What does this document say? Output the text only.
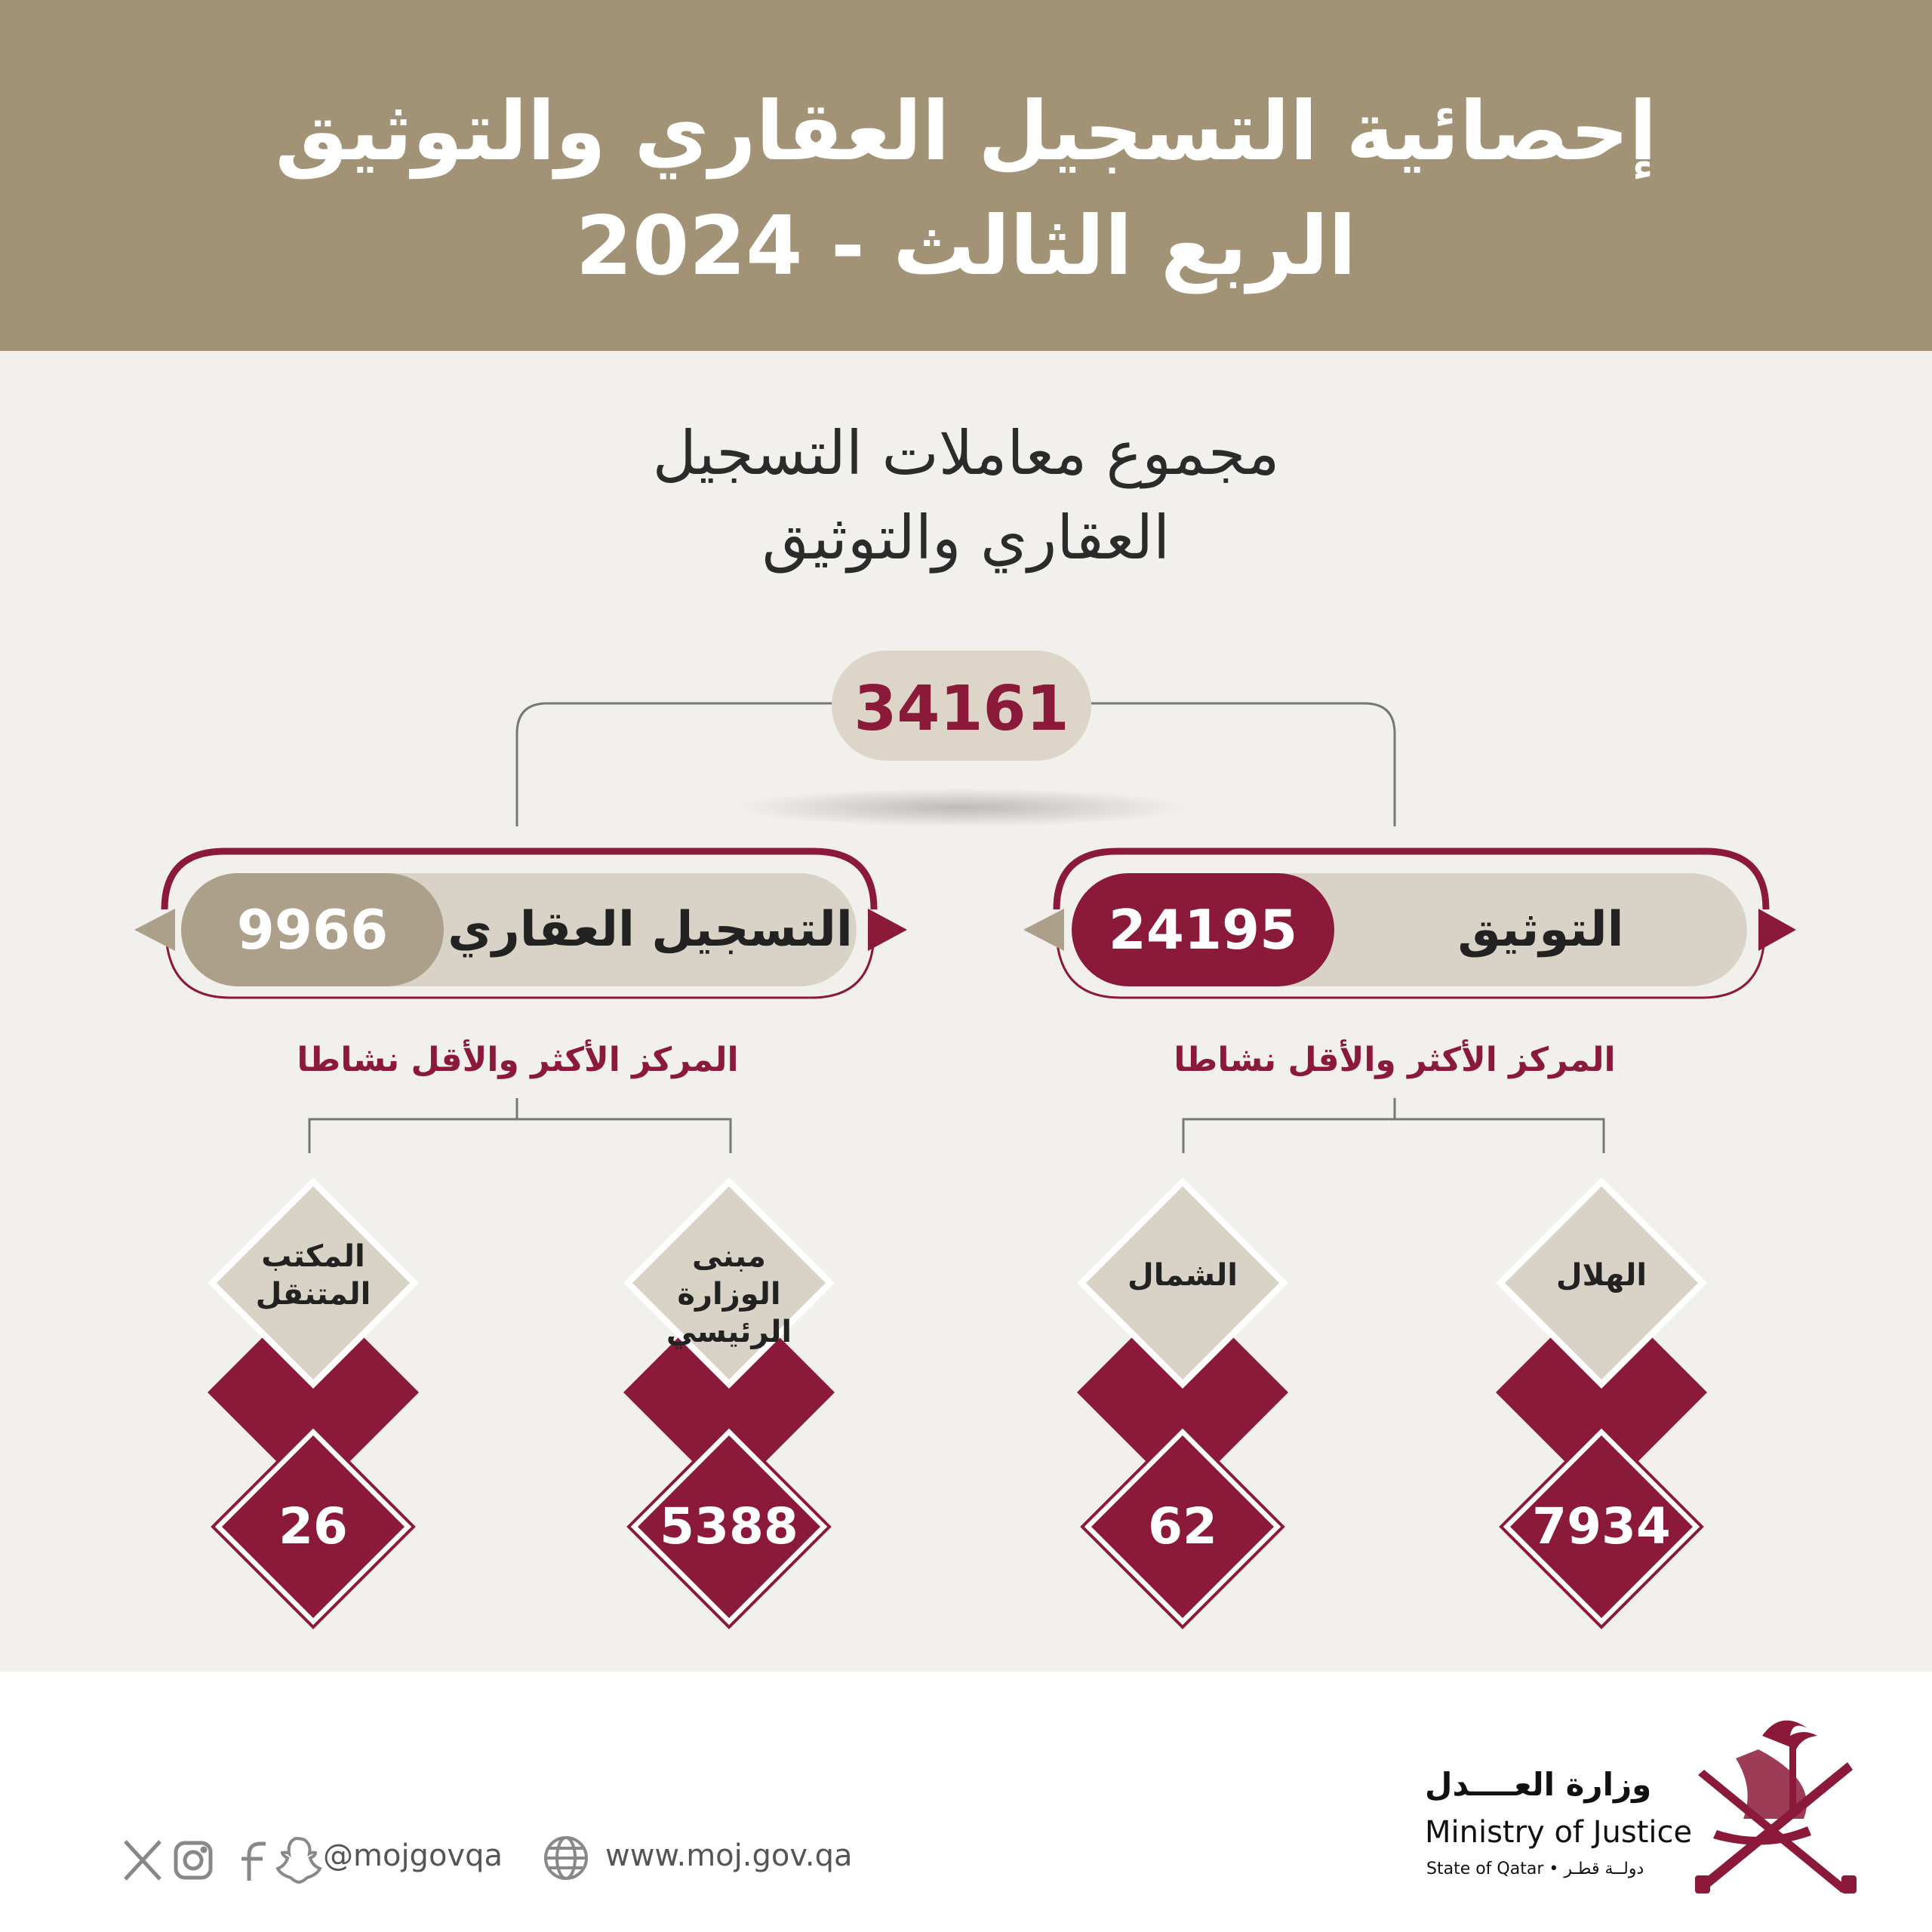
إحصائية التسجيل العقاري والتوثيق
الربع الثالث - 2024
مجموع معاملات التسجيل
العقاري والتوثيق
34161
التوثيق
24195
المركز الأكثر والأقل نشاطا
التسجيل العقاري
9966
المركز الأكثر والأقل نشاطا
الهلال
الشمال
مبنى الوزارة
الرئيسي
المكتب
المتنقل
7934
62
5388
26
@mojgovqa	www.moj.gov.qa
وزارة العــــدل
Ministry of Justice
State of Qatar • دولــة قطـر
